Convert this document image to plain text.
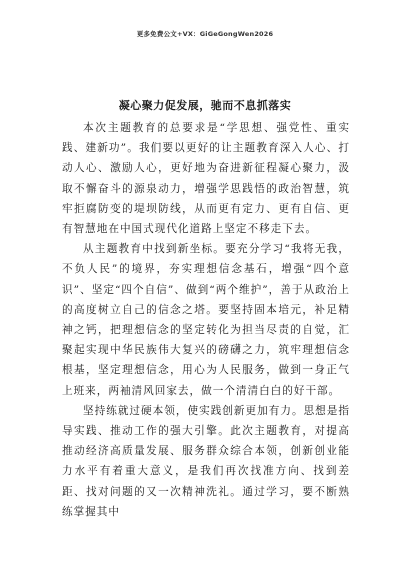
更多免费公文+VX：GiGeGongWen2026
凝心聚力促发展，驰而不息抓落实

本次主题教育的总要求是“学思想、强党性、重实践、建新功”。我们要以更好的让主题教育深入人心、打动人心、激励人心，更好地为奋进新征程凝心聚力，汲取不懈奋斗的源泉动力，增强学思践悟的政治智慧，筑牢拒腐防变的堤坝防线，从而更有定力、更有自信、更有智慧地在中国式现代化道路上坚定不移走下去。

从主题教育中找到新坐标。要充分学习“我将无我，不负人民”的境界，夯实理想信念基石，增强“四个意识”、坚定“四个自信”、做到“两个维护”，善于从政治上的高度树立自己的信念之塔。要坚持固本培元，补足精神之钙，把理想信念的坚定转化为担当尽责的自觉，汇聚起实现中华民族伟大复兴的磅礴之力，筑牢理想信念根基，坚定理想信念，用心为人民服务，做到一身正气上班来，两袖清风回家去，做一个清清白白的好干部。

坚持练就过硬本领，使实践创新更加有力。思想是指导实践、推动工作的强大引擎。此次主题教育，对提高推动经济高质量发展、服务群众综合本领，创新创业能力水平有着重大意义，是我们再次找准方向、找到差距、找对问题的又一次精神洗礼。通过学习，要不断熟练掌握其中
